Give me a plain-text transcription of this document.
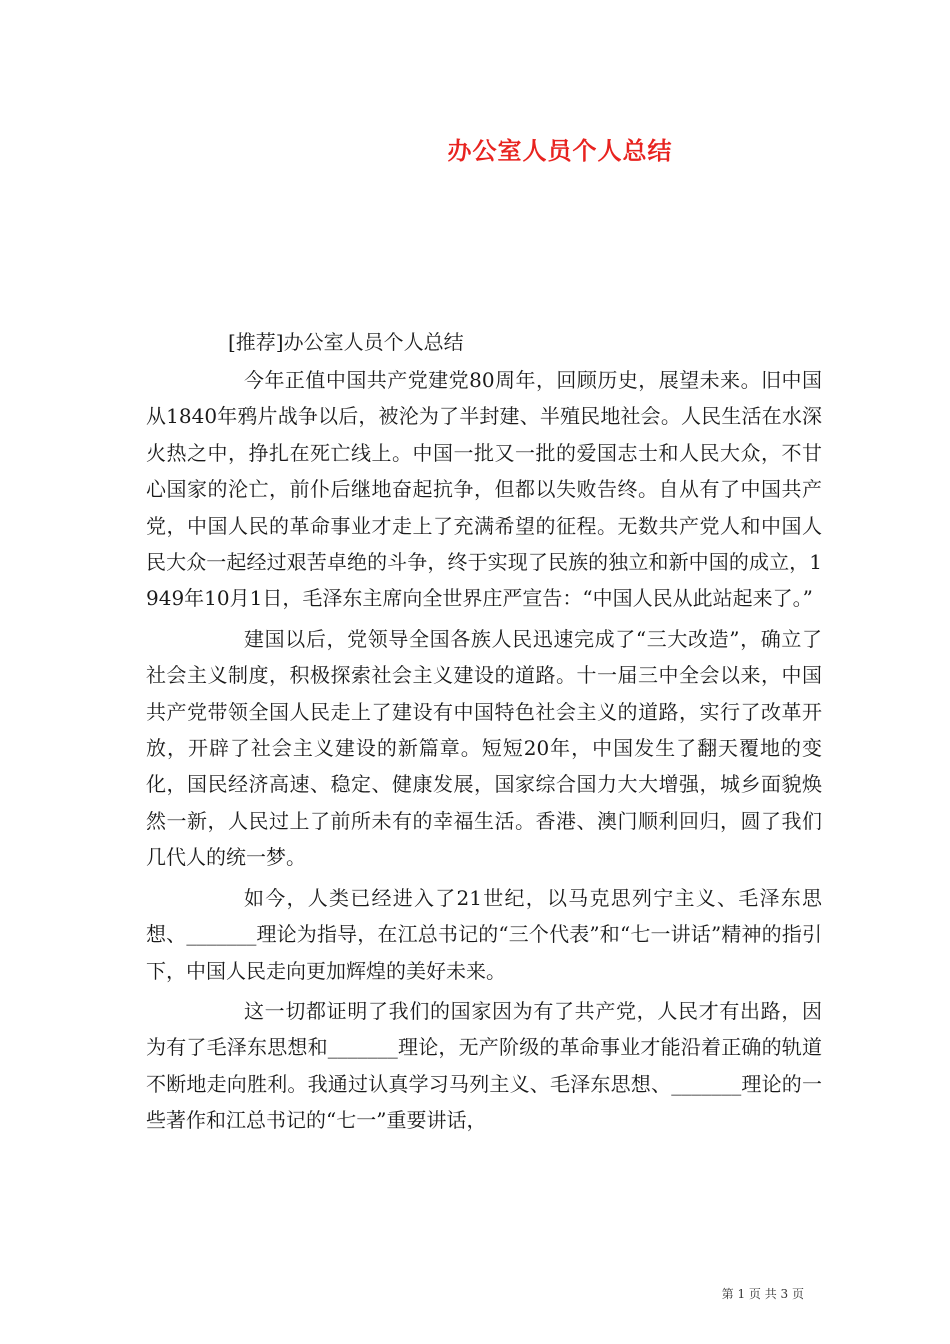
办公室人员个人总结
[推荐]办公室人员个人总结

今年正值中国共产党建党80周年，回顾历史，展望未来。旧中国从1840年鸦片战争以后，被沦为了半封建、半殖民地社会。人民生活在水深火热之中，挣扎在死亡线上。中国一批又一批的爱国志士和人民大众，不甘心国家的沦亡，前仆后继地奋起抗争，但都以失败告终。自从有了中国共产党，中国人民的革命事业才走上了充满希望的征程。无数共产党人和中国人民大众一起经过艰苦卓绝的斗争，终于实现了民族的独立和新中国的成立，1949年10月1日，毛泽东主席向全世界庄严宣告：“中国人民从此站起来了。”

建国以后，党领导全国各族人民迅速完成了“三大改造”，确立了社会主义制度，积极探索社会主义建设的道路。十一届三中全会以来，中国共产党带领全国人民走上了建设有中国特色社会主义的道路，实行了改革开放，开辟了社会主义建设的新篇章。短短20年，中国发生了翻天覆地的变化，国民经济高速、稳定、健康发展，国家综合国力大大增强，城乡面貌焕然一新，人民过上了前所未有的幸福生活。香港、澳门顺利回归，圆了我们几代人的统一梦。

如今，人类已经进入了21世纪，以马克思列宁主义、毛泽东思想、_______理论为指导，在江总书记的“三个代表”和“七一讲话”精神的指引下，中国人民走向更加辉煌的美好未来。

这一切都证明了我们的国家因为有了共产党，人民才有出路，因为有了毛泽东思想和_______理论，无产阶级的革命事业才能沿着正确的轨道不断地走向胜利。我通过认真学习马列主义、毛泽东思想、_______理论的一些著作和江总书记的“七一”重要讲话，

第 1 页 共 3 页
